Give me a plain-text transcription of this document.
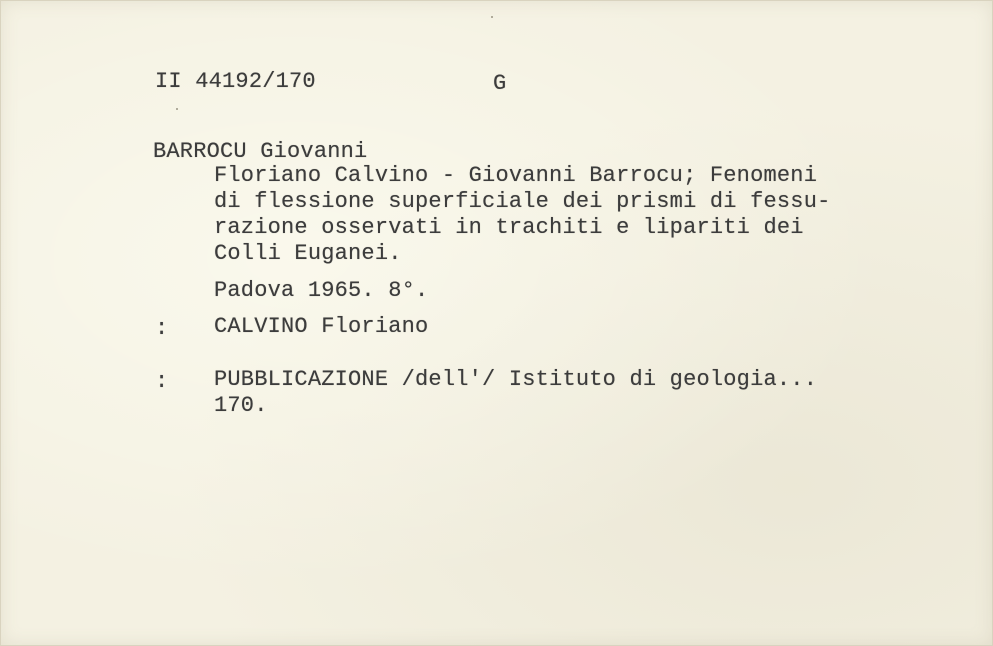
II 44192/170	G
BARROCU Giovanni
Floriano Calvino - Giovanni Barrocu; Fenomeni
di flessione superficiale dei prismi di fessu-
razione osservati in trachiti e lipariti dei
Colli Euganei.
Padova 1965. 8°.
: CALVINO Floriano
: PUBBLICAZIONE /dell'/ Istituto di geologia...
170.
